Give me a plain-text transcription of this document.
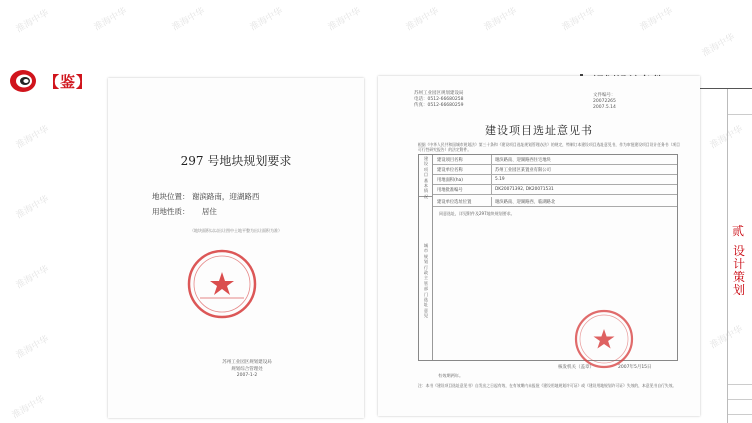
淮海中华	淮海中华	淮海中华	淮海中华	淮海中华	淮海中华	淮海中华	淮海中华	淮海中华
淮海中华
淮海中华
淮海中华
淮海中华
淮海中华
淮海中华
淮海中华
淮海中华
【鉴】
297 号地块规划要求
地块位置： 谢滨路南，迎湖路西
用地性质： 居住
（地块面积以以出让图中土地平整为出让面积为准）
苏州工业园区规划建设局
规划综合管理处
2007-1-2
苏州工业园区规划建设局
电话：0512-66680258
传真：0512-66680259
文件编号：
20072265
2007.5.14
建设项目选址意见书
根据《中华人民共和国城市规划法》第三十条和《建设项目选址规划管理办法》的规定，特制订本建设项目选址意见书，作为审批建设项目设计任务书（项目可行性研究报告）的法定附件。
建设项目基本情况
城市规划行政主管部门选址意见
建设项目名称	谢滨路南、迎湖路西住宅地块
建设单位名称	苏州工业园区某置业有限公司
用地面积(ha)	5.19
用地批准编号	DK20071392, DK20071531
建设单位选址位置	谢滨路南、迎湖路西、临湖路北
同意选址，详见附件及297地块规划要求。
核发机关（盖章）	2007年5月15日
有效期两年。
注：本书《建设项目选址意见书》自发出之日起有效，在有效期内未报批《建设用地规划许可证》或《建设用地规划许可证》失效的，本意见书自行失效。
贰
设计策划
